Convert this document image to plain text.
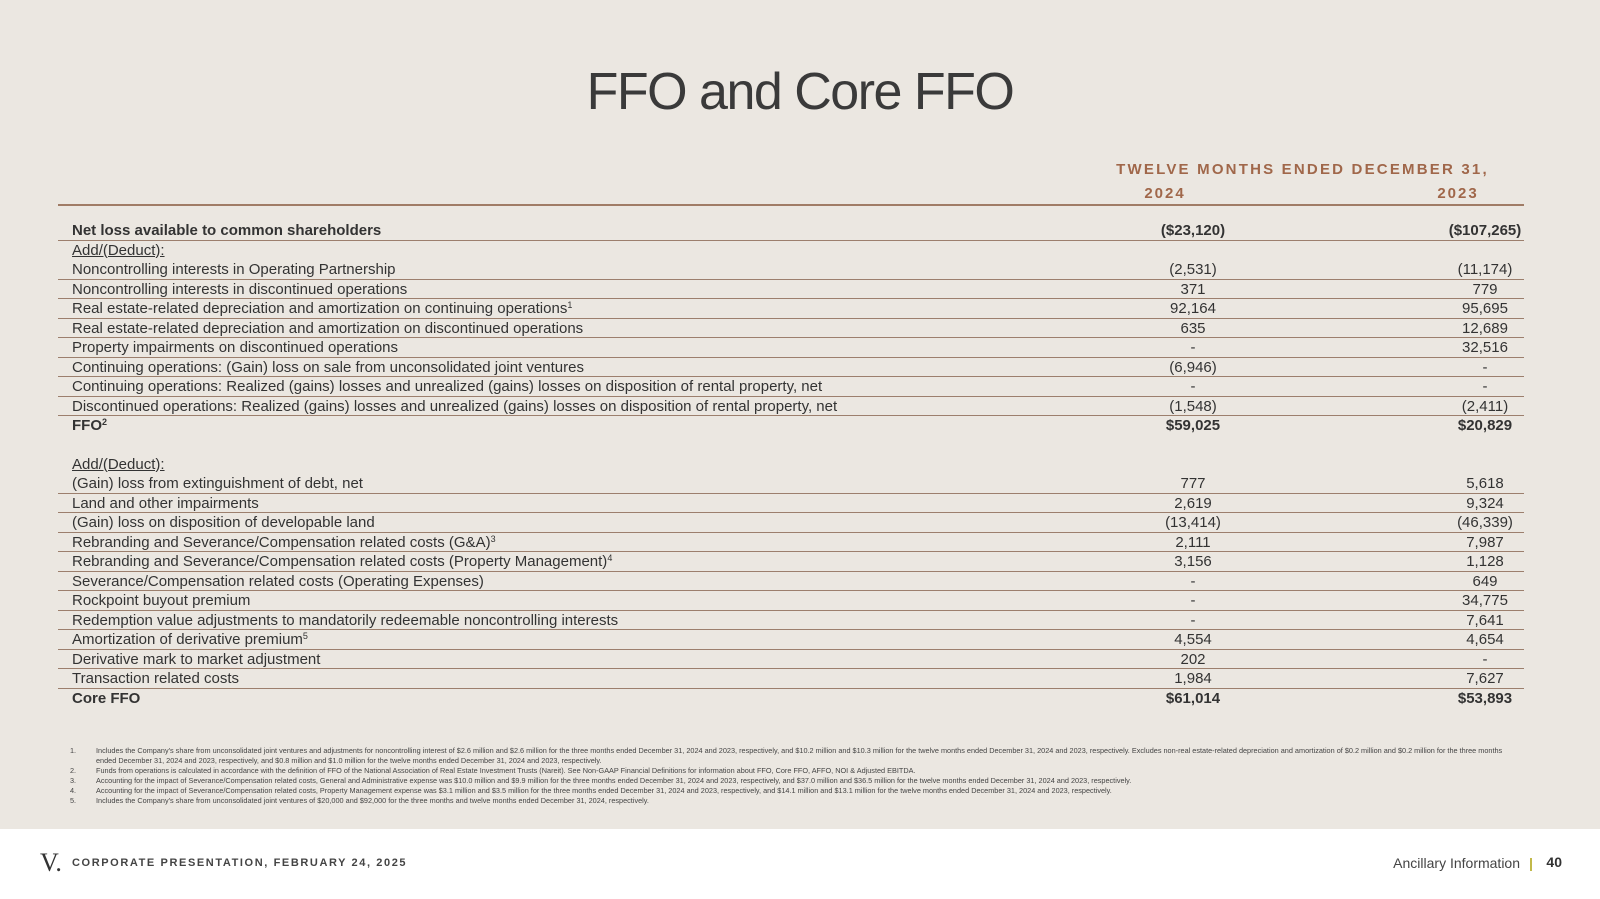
FFO and Core FFO
TWELVE MONTHS ENDED DECEMBER 31,
2024	2023
Net loss available to common shareholders	($23,120)	($107,265)
Add/(Deduct):
Noncontrolling interests in Operating Partnership	(2,531)	(11,174)
Noncontrolling interests in discontinued operations	371	779
Real estate-related depreciation and amortization on continuing operations$^1$	92,164	95,695
Real estate-related depreciation and amortization on discontinued operations	635	12,689
Property impairments on discontinued operations	-	32,516
Continuing operations: (Gain) loss on sale from unconsolidated joint ventures	(6,946)	-
Continuing operations: Realized (gains) losses and unrealized (gains) losses on disposition of rental property, net	-	-
Discontinued operations: Realized (gains) losses and unrealized (gains) losses on disposition of rental property, net	(1,548)	(2,411)
FFO$^2$	$59,025	$20,829
Add/(Deduct):
(Gain) loss from extinguishment of debt, net	777	5,618
Land and other impairments	2,619	9,324
(Gain) loss on disposition of developable land	(13,414)	(46,339)
Rebranding and Severance/Compensation related costs (G&A)$^3$	2,111	7,987
Rebranding and Severance/Compensation related costs (Property Management)$^4$	3,156	1,128
Severance/Compensation related costs (Operating Expenses)	-	649
Rockpoint buyout premium	-	34,775
Redemption value adjustments to mandatorily redeemable noncontrolling interests	-	7,641
Amortization of derivative premium$^5$	4,554	4,654
Derivative mark to market adjustment	202	-
Transaction related costs	1,984	7,627
Core FFO	$61,014	$53,893
1.	Includes the Company's share from unconsolidated joint ventures and adjustments for noncontrolling interest of $2.6 million and $2.6 million for the three months ended December 31, 2024 and 2023, respectively, and $10.2 million and $10.3 million for the twelve months ended December 31, 2024 and 2023, respectively. Excludes non-real estate-related depreciation and amortization of $0.2 million and $0.2 million for the three months ended December 31, 2024 and 2023, respectively, and $0.8 million and $1.0 million for the twelve months ended December 31, 2024 and 2023, respectively.
2.	Funds from operations is calculated in accordance with the definition of FFO of the National Association of Real Estate Investment Trusts (Nareit). See Non-GAAP Financial Definitions for information about FFO, Core FFO, AFFO, NOI & Adjusted EBITDA.
3.	Accounting for the impact of Severance/Compensation related costs, General and Administrative expense was $10.0 million and $9.9 million for the three months ended December 31, 2024 and 2023, respectively, and $37.0 million and $36.5 million for the twelve months ended December 31, 2024 and 2023, respectively.
4.	Accounting for the impact of Severance/Compensation related costs, Property Management expense was $3.1 million and $3.5 million for the three months ended December 31, 2024 and 2023, respectively, and $14.1 million and $13.1 million for the twelve months ended December 31, 2024 and 2023, respectively.
5.	Includes the Company's share from unconsolidated joint ventures of $20,000 and $92,000 for the three months and twelve months ended December 31, 2024, respectively.
V. CORPORATE PRESENTATION, FEBRUARY 24, 2025	Ancillary Information 40
